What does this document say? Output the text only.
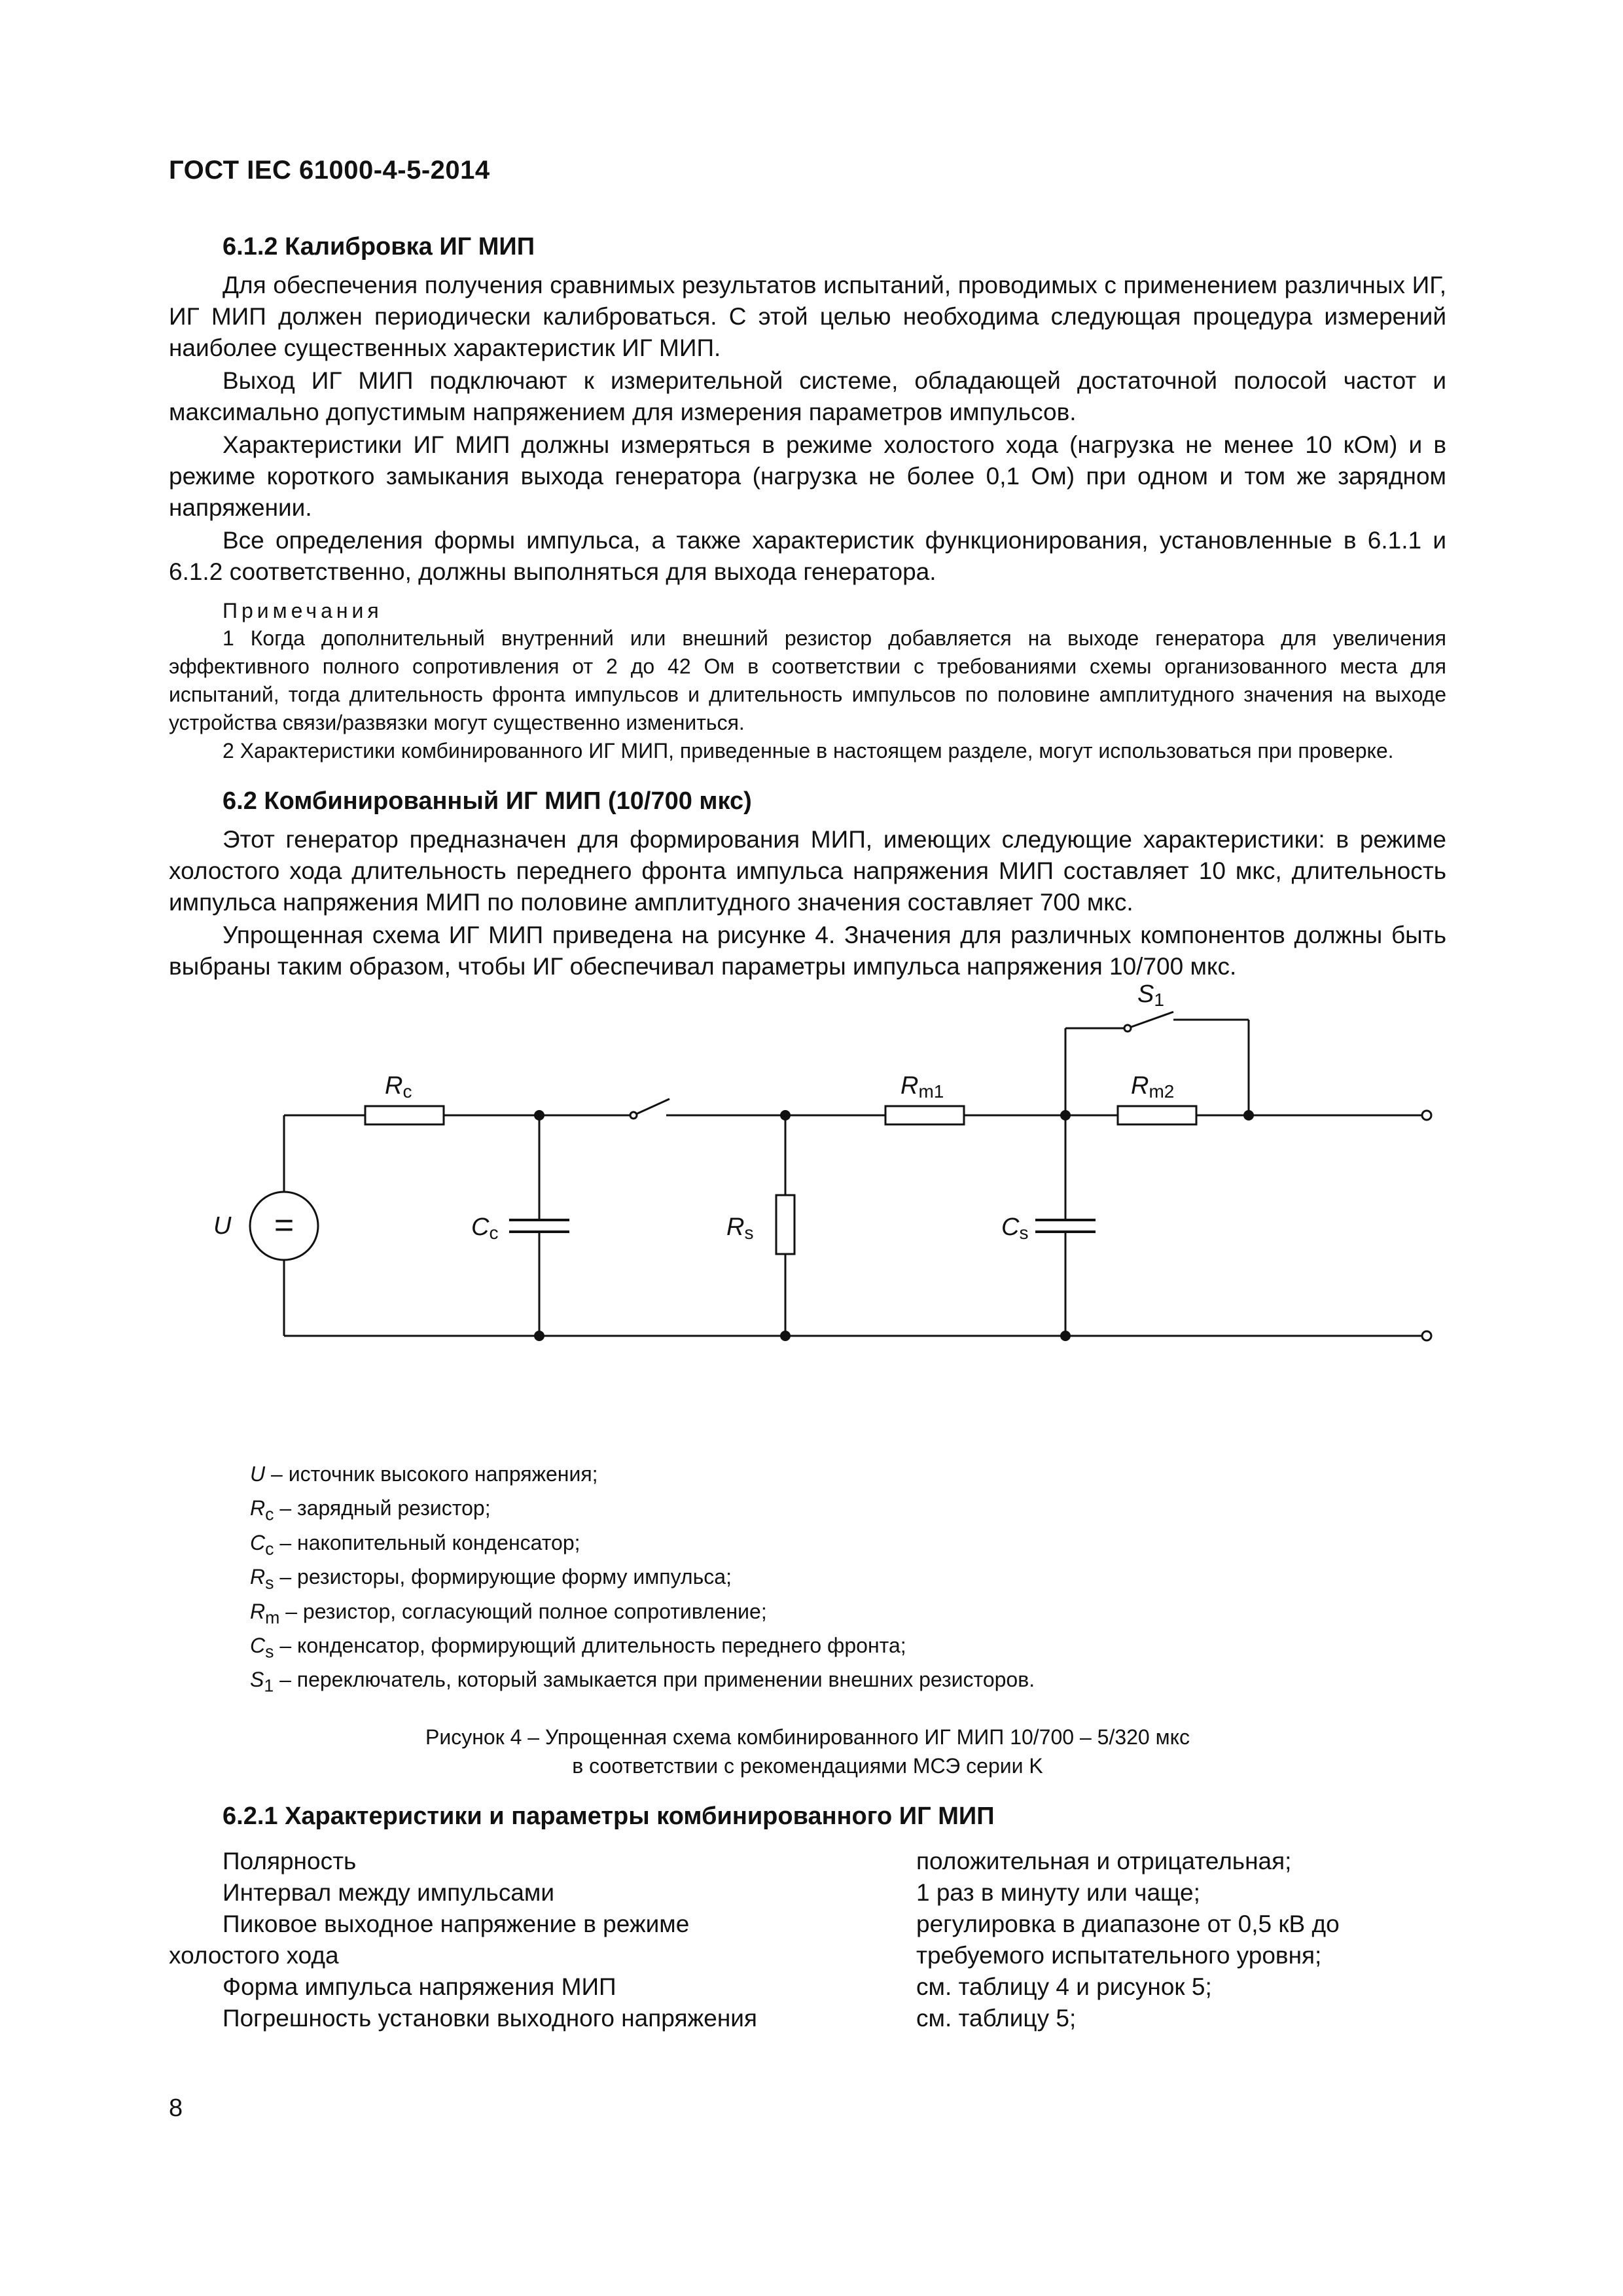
ГОСТ IEC 61000-4-5-2014
6.1.2 Калибровка ИГ МИП

Для обеспечения получения сравнимых результатов испытаний, проводимых с применением различных ИГ, ИГ МИП должен периодически калиброваться. С этой целью необходима следующая процедура измерений наиболее существенных характеристик ИГ МИП.

Выход ИГ МИП подключают к измерительной системе, обладающей достаточной полосой частот и максимально допустимым напряжением для измерения параметров импульсов.

Характеристики ИГ МИП должны измеряться в режиме холостого хода (нагрузка не менее 10 кОм) и в режиме короткого замыкания выхода генератора (нагрузка не более 0,1 Ом) при одном и том же зарядном напряжении.

Все определения формы импульса, а также характеристик функционирования, установленные в 6.1.1 и 6.1.2 соответственно, должны выполняться для выхода генератора.

Примечания

1 Когда дополнительный внутренний или внешний резистор добавляется на выходе генератора для увеличения эффективного полного сопротивления от 2 до 42 Ом в соответствии с требованиями схемы организованного места для испытаний, тогда длительность фронта импульсов и длительность импульсов по половине амплитудного значения на выходе устройства связи/развязки могут существенно измениться.

2 Характеристики комбинированного ИГ МИП, приведенные в настоящем разделе, могут использоваться при проверке.

6.2 Комбинированный ИГ МИП (10/700 мкс)

Этот генератор предназначен для формирования МИП, имеющих следующие характеристики: в режиме холостого хода длительность переднего фронта импульса напряжения МИП составляет 10 мкс, длительность импульса напряжения МИП по половине амплитудного значения составляет 700 мкс.

Упрощенная схема ИГ МИП приведена на рисунке 4. Значения для различных компонентов должны быть выбраны таким образом, чтобы ИГ обеспечивал параметры импульса напряжения 10/700 мкс.

=
Rc	Rm1	Rm2
S1
U	Cc	Rs	Cs
U – источник высокого напряжения;
$R_c$ – зарядный резистор;
$C_c$ – накопительный конденсатор;
$R_s$ – резисторы, формирующие форму импульса;
$R_m$ – резистор, согласующий полное сопротивление;
$C_s$ – конденсатор, формирующий длительность переднего фронта;
$S_1$ – переключатель, который замыкается при применении внешних резисторов.
Рисунок 4 – Упрощенная схема комбинированного ИГ МИП 10/700 – 5/320 мкс
в соответствии с рекомендациями МСЭ серии K
6.2.1 Характеристики и параметры комбинированного ИГ МИП
Полярность	положительная и отрицательная;
Интервал между импульсами	1 раз в минуту или чаще;
Пиковое выходное напряжение в режиме	регулировка в диапазоне от 0,5 кВ до
холостого хода	требуемого испытательного уровня;
Форма импульса напряжения МИП	см. таблицу 4 и рисунок 5;
Погрешность установки выходного напряжения	см. таблицу 5;
8
